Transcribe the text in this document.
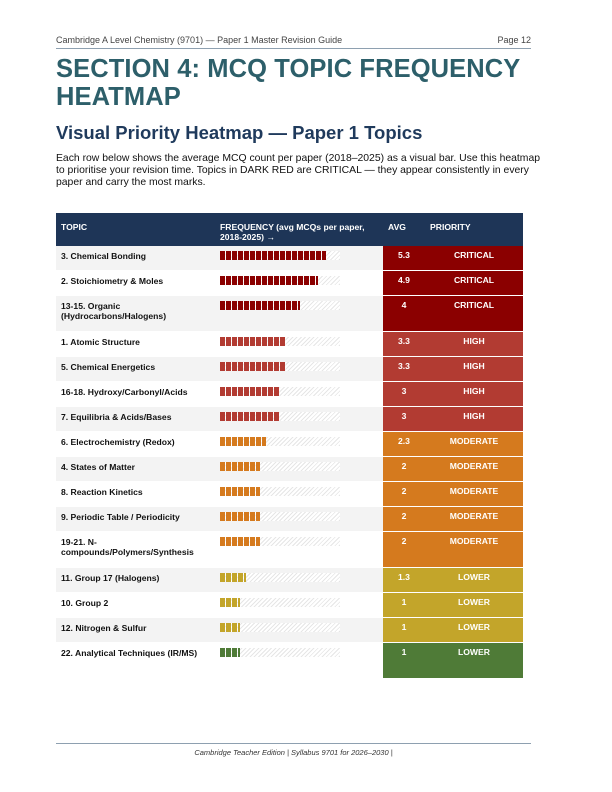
Cambridge A Level Chemistry (9701) — Paper 1 Master Revision Guide	Page 12
SECTION 4: MCQ TOPIC FREQUENCY HEATMAP
Visual Priority Heatmap — Paper 1 Topics

Each row below shows the average MCQ count per paper (2018–2025) as a visual bar. Use this heatmap to prioritise your revision time. Topics in DARK RED are CRITICAL — they appear consistently in every paper and carry the most marks.

TOPIC	FREQUENCY (avg MCQs per paper, 2018-2025) →	AVG	PRIORITY
3. Chemical Bonding		5.3	CRITICAL
2. Stoichiometry & Moles		4.9	CRITICAL
13-15. Organic (Hydrocarbons/Halogens)		4	CRITICAL
1. Atomic Structure		3.3	HIGH
5. Chemical Energetics		3.3	HIGH
16-18. Hydroxy/Carbonyl/Acids		3	HIGH
7. Equilibria & Acids/Bases		3	HIGH
6. Electrochemistry (Redox)		2.3	MODERATE
4. States of Matter		2	MODERATE
8. Reaction Kinetics		2	MODERATE
9. Periodic Table / Periodicity		2	MODERATE
19-21. N-compounds/Polymers/Synthesis		2	MODERATE
11. Group 17 (Halogens)		1.3	LOWER
10. Group 2		1	LOWER
12. Nitrogen & Sulfur		1	LOWER
22. Analytical Techniques (IR/MS)		1	LOWER
Cambridge Teacher Edition | Syllabus 9701 for 2026–2030 |
